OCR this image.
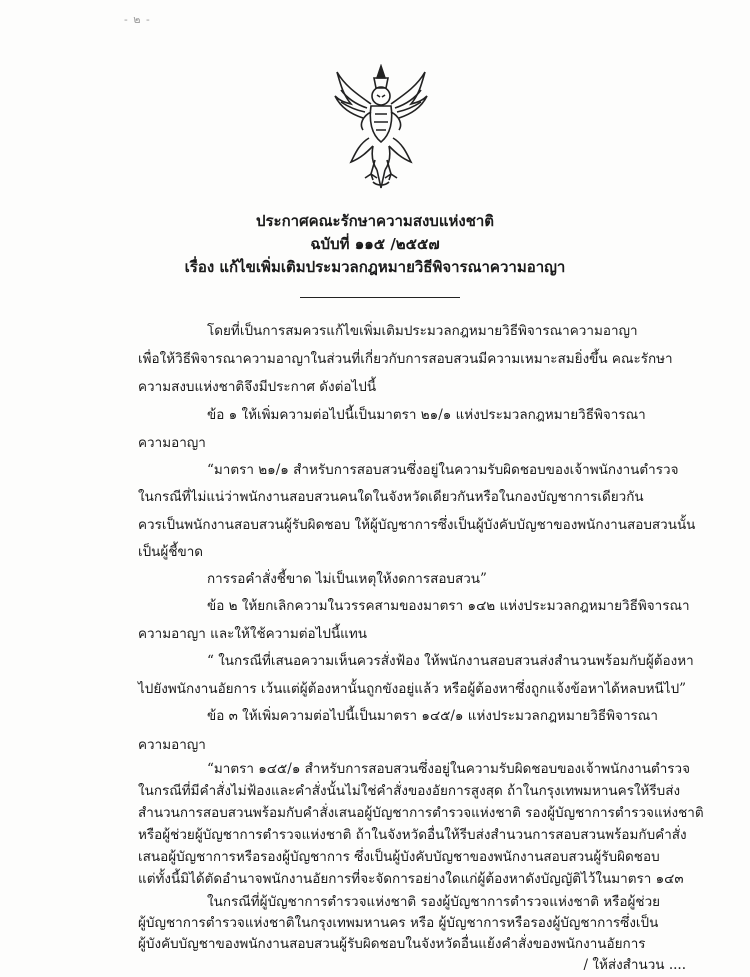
- ๒ -
ประกาศคณะรักษาความสงบแห่งชาติ
ฉบับที่ ๑๑๕ /๒๕๕๗
เรื่อง แก้ไขเพิ่มเติมประมวลกฎหมายวิธีพิจารณาความอาญา
โดยที่เป็นการสมควรแก้ไขเพิ่มเติมประมวลกฎหมายวิธีพิจารณาความอาญา
เพื่อให้วิธีพิจารณาความอาญาในส่วนที่เกี่ยวกับการสอบสวนมีความเหมาะสมยิ่งขึ้น คณะรักษา
ความสงบแห่งชาติจึงมีประกาศ ดังต่อไปนี้
ข้อ ๑ ให้เพิ่มความต่อไปนี้เป็นมาตรา ๒๑/๑ แห่งประมวลกฎหมายวิธีพิจารณา
ความอาญา
“มาตรา ๒๑/๑ สำหรับการสอบสวนซึ่งอยู่ในความรับผิดชอบของเจ้าพนักงานตำรวจ
ในกรณีที่ไม่แน่ว่าพนักงานสอบสวนคนใดในจังหวัดเดียวกันหรือในกองบัญชาการเดียวกัน
ควรเป็นพนักงานสอบสวนผู้รับผิดชอบ ให้ผู้บัญชาการซึ่งเป็นผู้บังคับบัญชาของพนักงานสอบสวนนั้น
เป็นผู้ชี้ขาด
การรอคำสั่งชี้ขาด ไม่เป็นเหตุให้งดการสอบสวน”
ข้อ ๒ ให้ยกเลิกความในวรรคสามของมาตรา ๑๔๒ แห่งประมวลกฎหมายวิธีพิจารณา
ความอาญา และให้ใช้ความต่อไปนี้แทน
“ ในกรณีที่เสนอความเห็นควรสั่งฟ้อง ให้พนักงานสอบสวนส่งสำนวนพร้อมกับผู้ต้องหา
ไปยังพนักงานอัยการ เว้นแต่ผู้ต้องหานั้นถูกขังอยู่แล้ว หรือผู้ต้องหาซึ่งถูกแจ้งข้อหาได้หลบหนีไป”
ข้อ ๓ ให้เพิ่มความต่อไปนี้เป็นมาตรา ๑๔๕/๑ แห่งประมวลกฎหมายวิธีพิจารณา
ความอาญา
“มาตรา ๑๔๕/๑ สำหรับการสอบสวนซึ่งอยู่ในความรับผิดชอบของเจ้าพนักงานตำรวจ
ในกรณีที่มีคำสั่งไม่ฟ้องและคำสั่งนั้นไม่ใช่คำสั่งของอัยการสูงสุด ถ้าในกรุงเทพมหานครให้รีบส่ง
สำนวนการสอบสวนพร้อมกับคำสั่งเสนอผู้บัญชาการตำรวจแห่งชาติ รองผู้บัญชาการตำรวจแห่งชาติ
หรือผู้ช่วยผู้บัญชาการตำรวจแห่งชาติ ถ้าในจังหวัดอื่นให้รีบส่งสำนวนการสอบสวนพร้อมกับคำสั่ง
เสนอผู้บัญชาการหรือรองผู้บัญชาการ ซึ่งเป็นผู้บังคับบัญชาของพนักงานสอบสวนผู้รับผิดชอบ
แต่ทั้งนี้มิได้ตัดอำนาจพนักงานอัยการที่จะจัดการอย่างใดแก่ผู้ต้องหาดังบัญญัติไว้ในมาตรา ๑๔๓
/ ให้ส่งสำนวน ....
ในกรณีที่ผู้บัญชาการตำรวจแห่งชาติ รองผู้บัญชาการตำรวจแห่งชาติ หรือผู้ช่วย
ผู้บัญชาการตำรวจแห่งชาติในกรุงเทพมหานคร หรือ ผู้บัญชาการหรือรองผู้บัญชาการซึ่งเป็น
ผู้บังคับบัญชาของพนักงานสอบสวนผู้รับผิดชอบในจังหวัดอื่นแย้งคำสั่งของพนักงานอัยการ
